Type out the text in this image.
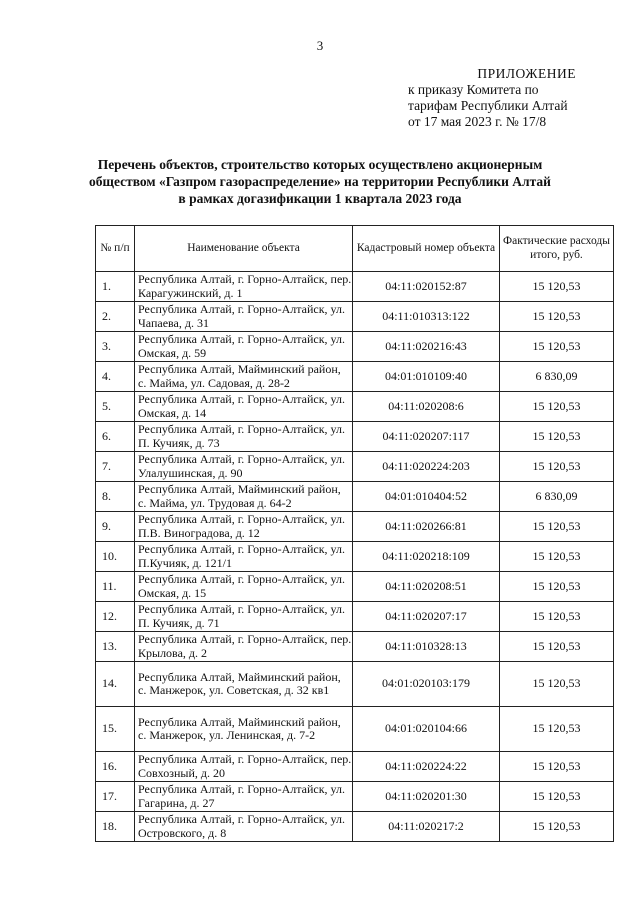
3
ПРИЛОЖЕНИЕ
к приказу Комитета по
тарифам Республики Алтай
от 17 мая 2023 г. № 17/8
Перечень объектов, строительство которых осуществлено акционерным
обществом «Газпром газораспределение» на территории Республики Алтай
в рамках догазификации 1 квартала 2023 года
№ п/п	Наименование объекта	Кадастровый номер объекта	Фактические расходы итого, руб.
1.	Республика Алтай, г. Горно-Алтайск, пер. Карагужинский, д. 1	04:11:020152:87	15 120,53
2.	Республика Алтай, г. Горно-Алтайск, ул. Чапаева, д. 31	04:11:010313:122	15 120,53
3.	Республика Алтай, г. Горно-Алтайск, ул. Омская, д. 59	04:11:020216:43	15 120,53
4.	Республика Алтай, Майминский район, с. Майма, ул. Садовая, д. 28-2	04:01:010109:40	6 830,09
5.	Республика Алтай, г. Горно-Алтайск, ул. Омская, д. 14	04:11:020208:6	15 120,53
6.	Республика Алтай, г. Горно-Алтайск, ул. П. Кучияк, д. 73	04:11:020207:117	15 120,53
7.	Республика Алтай, г. Горно-Алтайск, ул. Улалушинская, д. 90	04:11:020224:203	15 120,53
8.	Республика Алтай, Майминский район, с. Майма, ул. Трудовая д. 64-2	04:01:010404:52	6 830,09
9.	Республика Алтай, г. Горно-Алтайск, ул. П.В. Виноградова, д. 12	04:11:020266:81	15 120,53
10.	Республика Алтай, г. Горно-Алтайск, ул. П.Кучияк, д. 121/1	04:11:020218:109	15 120,53
11.	Республика Алтай, г. Горно-Алтайск, ул. Омская, д. 15	04:11:020208:51	15 120,53
12.	Республика Алтай, г. Горно-Алтайск, ул. П. Кучияк, д. 71	04:11:020207:17	15 120,53
13.	Республика Алтай, г. Горно-Алтайск, пер. Крылова, д. 2	04:11:010328:13	15 120,53
14.	Республика Алтай, Майминский район, с. Манжерок, ул. Советская, д. 32 кв1	04:01:020103:179	15 120,53
15.	Республика Алтай, Майминский район, с. Манжерок, ул. Ленинская, д. 7-2	04:01:020104:66	15 120,53
16.	Республика Алтай, г. Горно-Алтайск, пер. Совхозный, д. 20	04:11:020224:22	15 120,53
17.	Республика Алтай, г. Горно-Алтайск, ул. Гагарина, д. 27	04:11:020201:30	15 120,53
18.	Республика Алтай, г. Горно-Алтайск, ул. Островского, д. 8	04:11:020217:2	15 120,53
